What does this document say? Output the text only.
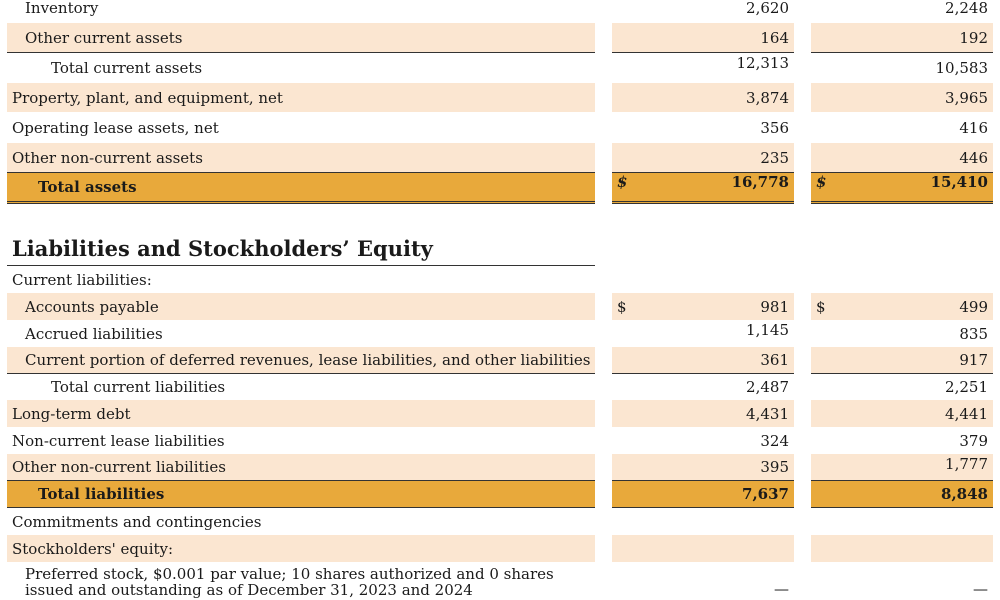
Inventory	2,620	2,248
Other current assets	164	192
Total current assets	12,313	10,583
Property, plant, and equipment, net	3,874	3,965
Operating lease assets, net	356	416
Other non-current assets	235	446
Total assets	$	16,778 $	15,410
Liabilities and Stockholders’ Equity
Current liabilities:
Accounts payable	$	981 $	499
Accrued liabilities	1,145	835
Current portion of deferred revenues, lease liabilities, and other liabilities	361	917
Total current liabilities	2,487	2,251
Long-term debt	4,431	4,441
Non-current lease liabilities	324	379
Other non-current liabilities	395	1,777
Total liabilities	7,637	8,848
Commitments and contingencies
Stockholders' equity:
Preferred stock, $0.001 par value; 10 shares authorized and 0 shares issued and outstanding as of December 31, 2023 and 2024	—	—
